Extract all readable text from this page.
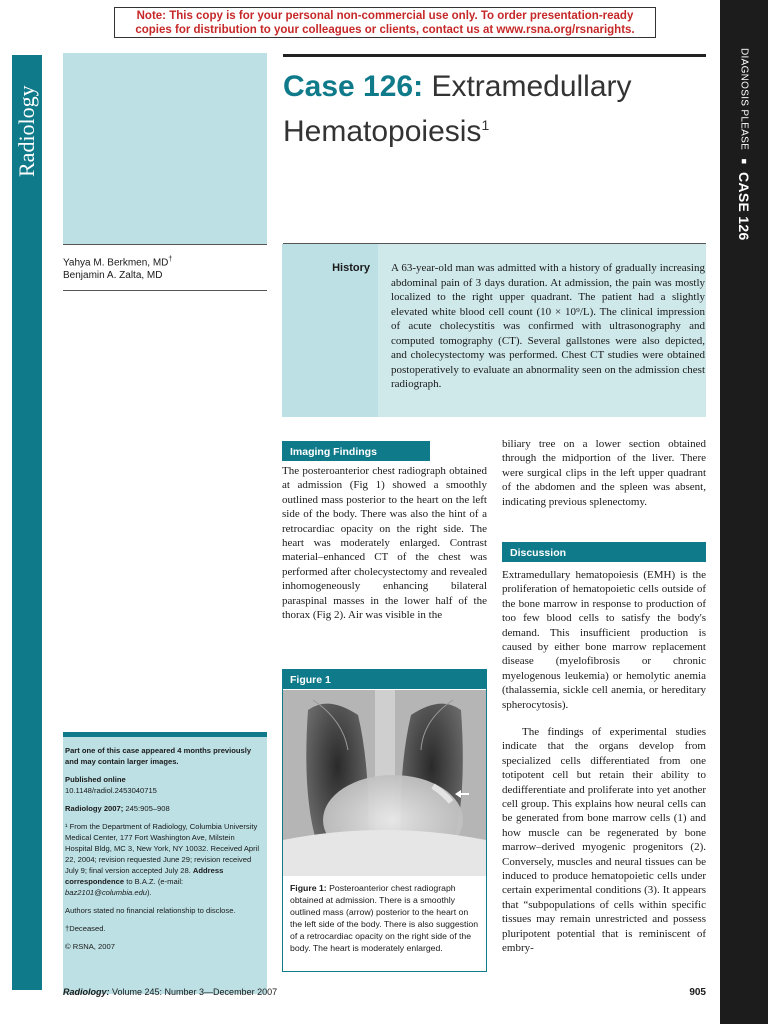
Note: This copy is for your personal non-commercial use only. To order presentation-ready
copies for distribution to your colleagues or clients, contact us at www.rsna.org/rsnarights.
DIAGNOSIS PLEASE
■
CASE 126
Radiology	Case 126: Extramedullary
Hematopoiesis$^1$
Yahya M. Berkmen, MD†
Benjamin A. Zalta, MD
History A 63-year-old man was admitted with a history of gradually increasing abdominal pain of 3 days duration. At admission, the pain was mostly localized to the right upper quadrant. The patient had a slightly elevated white blood cell count (10 × 10⁹/L). The clinical impression of acute cholecystitis was confirmed with ultrasonography and computed tomography (CT). Several gallstones were also depicted, and cholecystectomy was performed. Chest CT studies were obtained postoperatively to evaluate an abnormality seen on the admission chest radiograph.
Imaging Findings
The posteroanterior chest radiograph obtained at admission (Fig 1) showed a smoothly outlined mass posterior to the heart on the left side of the body. There was also the hint of a retrocardiac opacity on the right side. The heart was moderately enlarged. Contrast material–enhanced CT of the chest was performed after cholecystectomy and revealed inhomogeneously enhancing bilateral paraspinal masses in the lower half of the thorax (Fig 2). Air was visible in the
biliary tree on a lower section obtained through the midportion of the liver. There were surgical clips in the left upper quadrant of the abdomen and the spleen was absent, indicating previous splenectomy.
Discussion
Extramedullary hematopoiesis (EMH) is the proliferation of hematopoietic cells outside of the bone marrow in response to production of too few blood cells to satisfy the body's demand. This insufficient production is caused by either bone marrow replacement disease (myelofibrosis or chronic myelogenous leukemia) or hemolytic anemia (thalassemia, sickle cell anemia, or hereditary spherocytosis).
The findings of experimental studies indicate that the organs develop from specialized cells differentiated from one totipotent cell but retain their ability to dedifferentiate and proliferate into yet another cell group. This explains how neural cells can be generated from bone marrow cells (1) and how muscle can be regenerated by bone marrow–derived myogenic progenitors (2). Conversely, muscles and neural tissues can be induced to produce hematopoietic cells under certain experimental conditions (3). It appears that “subpopulations of cells within specific tissues may remain unrestricted and possess pluripotent potential that is reminiscent of embry-
Figure 1
Figure 1: Posteroanterior chest radiograph obtained at admission. There is a smoothly outlined mass (arrow) posterior to the heart on the left side of the body. There is also suggestion of a retrocardiac opacity on the right side of the body. The heart is moderately enlarged.

Part one of this case appeared 4 months previously and may contain larger images.

Published online
10.1148/radiol.2453040715

Radiology 2007; 245:905–908

¹ From the Department of Radiology, Columbia University Medical Center, 177 Fort Washington Ave, Milstein Hospital Bldg, MC 3, New York, NY 10032. Received April 22, 2004; revision requested June 29; revision received July 9; final version accepted July 28. Address correspondence to B.A.Z. (e-mail: baz2101@columbia.edu).

Authors stated no financial relationship to disclose.

†Deceased.

© RSNA, 2007

Radiology: Volume 245: Number 3—December 2007	905
